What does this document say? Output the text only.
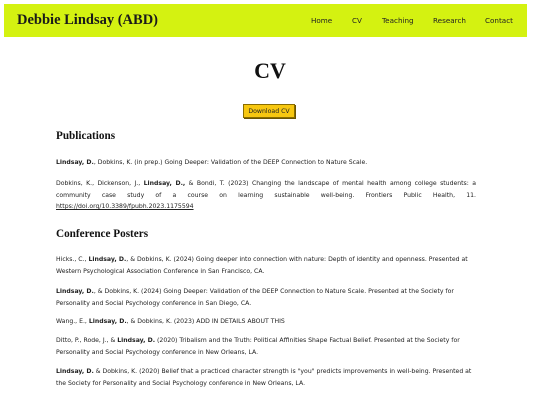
Debbie Lindsay (ABD)	Home	CV	Teaching	Research	Contact
CV
Download CV
Publications
Lindsay, D., Dobkins, K. (in prep.) Going Deeper: Validation of the DEEP Connection to Nature Scale.
Dobkins, K., Dickenson, J., Lindsay, D., & Bondi, T. (2023) Changing the landscape of mental health among college students: a community case study of a course on learning sustainable well-being. Frontiers Public Health, 11. https://doi.org/10.3389/fpubh.2023.1175594
Conference Posters
Hicks., C., Lindsay, D., & Dobkins, K. (2024) Going deeper into connection with nature: Depth of identity and openness. Presented at Western Psychological Association Conference in San Francisco, CA.
Lindsay, D., & Dobkins, K. (2024) Going Deeper: Validation of the DEEP Connection to Nature Scale. Presented at the Society for Personality and Social Psychology conference in San Diego, CA.
Wang., E., Lindsay, D., & Dobkins, K. (2023) ADD IN DETAILS ABOUT THIS
Ditto, P., Rode, J., & Lindsay, D. (2020) Tribalism and the Truth: Political Affinities Shape Factual Belief. Presented at the Society for Personality and Social Psychology conference in New Orleans, LA.
Lindsay, D. & Dobkins, K. (2020) Belief that a practiced character strength is "you" predicts improvements in well-being. Presented at the Society for Personality and Social Psychology conference in New Orleans, LA.
